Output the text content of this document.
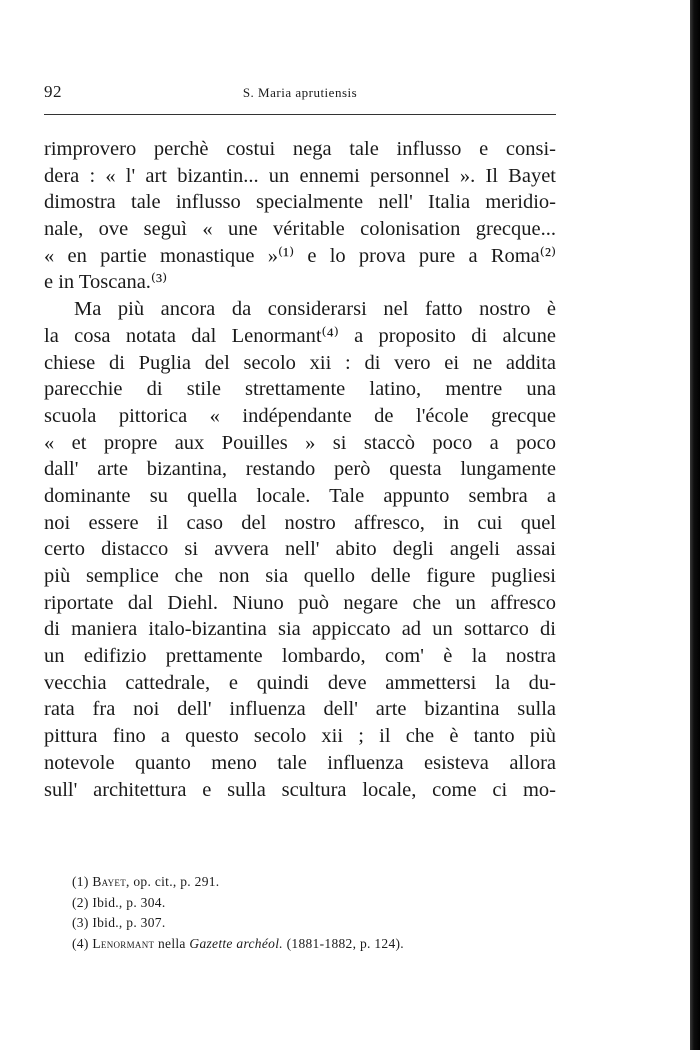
92	S. Maria aprutiensis
rimprovero perchè costui nega tale influsso e consi-
dera : « l' art bizantin... un ennemi personnel ». Il Bayet
dimostra tale influsso specialmente nell' Italia meridio-
nale, ove seguì « une véritable colonisation grecque...
« en partie monastique »⁽¹⁾ e lo prova pure a Roma⁽²⁾
e in Toscana.⁽³⁾
Ma più ancora da considerarsi nel fatto nostro è
la cosa notata dal Lenormant⁽⁴⁾ a proposito di alcune
chiese di Puglia del secolo xii : di vero ei ne addita
parecchie di stile strettamente latino, mentre una
scuola pittorica « indépendante de l'école grecque
« et propre aux Pouilles » si staccò poco a poco
dall' arte bizantina, restando però questa lungamente
dominante su quella locale. Tale appunto sembra a
noi essere il caso del nostro affresco, in cui quel
certo distacco si avvera nell' abito degli angeli assai
più semplice che non sia quello delle figure pugliesi
riportate dal Diehl. Niuno può negare che un affresco
di maniera italo-bizantina sia appiccato ad un sottarco di
un edifizio prettamente lombardo, com' è la nostra
vecchia cattedrale, e quindi deve ammettersi la du-
rata fra noi dell' influenza dell' arte bizantina sulla
pittura fino a questo secolo xii ; il che è tanto più
notevole quanto meno tale influenza esisteva allora
sull' architettura e sulla scultura locale, come ci mo-
(1) Bayet, op. cit., p. 291.
(2) Ibid., p. 304.
(3) Ibid., p. 307.
(4) Lenormant nella Gazette archéol. (1881-1882, p. 124).
